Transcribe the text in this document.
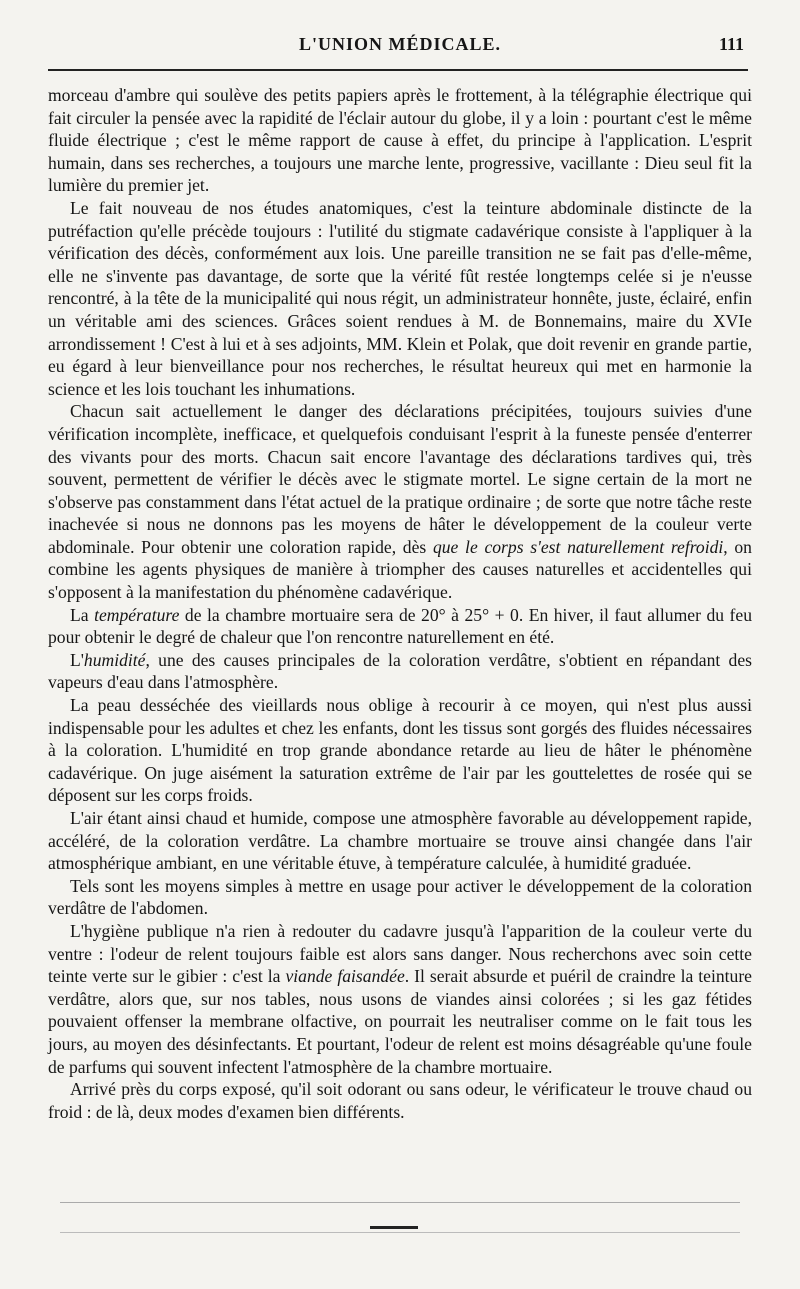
L'UNION MÉDICALE.	111

morceau d'ambre qui soulève des petits papiers après le frottement, à la télégraphie électrique qui fait circuler la pensée avec la rapidité de l'éclair autour du globe, il y a loin : pourtant c'est le même fluide électrique ; c'est le même rapport de cause à effet, du principe à l'application. L'esprit humain, dans ses recherches, a toujours une marche lente, progressive, vacillante : Dieu seul fit la lumière du premier jet.

Le fait nouveau de nos études anatomiques, c'est la teinture abdominale distincte de la putréfaction qu'elle précède toujours : l'utilité du stigmate cadavérique consiste à l'appliquer à la vérification des décès, conformément aux lois. Une pareille transition ne se fait pas d'elle-même, elle ne s'invente pas davantage, de sorte que la vérité fût restée longtemps celée si je n'eusse rencontré, à la tête de la municipalité qui nous régit, un administrateur honnête, juste, éclairé, enfin un véritable ami des sciences. Grâces soient rendues à M. de Bonnemains, maire du XVIe arrondissement ! C'est à lui et à ses adjoints, MM. Klein et Polak, que doit revenir en grande partie, eu égard à leur bienveillance pour nos recherches, le résultat heureux qui met en harmonie la science et les lois touchant les inhumations.

Chacun sait actuellement le danger des déclarations précipitées, toujours suivies d'une vérification incomplète, inefficace, et quelquefois conduisant l'esprit à la funeste pensée d'enterrer des vivants pour des morts. Chacun sait encore l'avantage des déclarations tardives qui, très souvent, permettent de vérifier le décès avec le stigmate mortel. Le signe certain de la mort ne s'observe pas constamment dans l'état actuel de la pratique ordinaire ; de sorte que notre tâche reste inachevée si nous ne donnons pas les moyens de hâter le développement de la couleur verte abdominale. Pour obtenir une coloration rapide, dès que le corps s'est naturellement refroidi, on combine les agents physiques de manière à triompher des causes naturelles et accidentelles qui s'opposent à la manifestation du phénomène cadavérique.

La température de la chambre mortuaire sera de 20° à 25° + 0. En hiver, il faut allumer du feu pour obtenir le degré de chaleur que l'on rencontre naturellement en été.

L'humidité, une des causes principales de la coloration verdâtre, s'obtient en répandant des vapeurs d'eau dans l'atmosphère.

La peau desséchée des vieillards nous oblige à recourir à ce moyen, qui n'est plus aussi indispensable pour les adultes et chez les enfants, dont les tissus sont gorgés des fluides nécessaires à la coloration. L'humidité en trop grande abondance retarde au lieu de hâter le phénomène cadavérique. On juge aisément la saturation extrême de l'air par les gouttelettes de rosée qui se déposent sur les corps froids.

L'air étant ainsi chaud et humide, compose une atmosphère favorable au développement rapide, accéléré, de la coloration verdâtre. La chambre mortuaire se trouve ainsi changée dans l'air atmosphérique ambiant, en une véritable étuve, à température calculée, à humidité graduée.

Tels sont les moyens simples à mettre en usage pour activer le développement de la coloration verdâtre de l'abdomen.

L'hygiène publique n'a rien à redouter du cadavre jusqu'à l'apparition de la couleur verte du ventre : l'odeur de relent toujours faible est alors sans danger. Nous recherchons avec soin cette teinte verte sur le gibier : c'est la viande faisandée. Il serait absurde et puéril de craindre la teinture verdâtre, alors que, sur nos tables, nous usons de viandes ainsi colorées ; si les gaz fétides pouvaient offenser la membrane olfactive, on pourrait les neutraliser comme on le fait tous les jours, au moyen des désinfectants. Et pourtant, l'odeur de relent est moins désagréable qu'une foule de parfums qui souvent infectent l'atmosphère de la chambre mortuaire.

Arrivé près du corps exposé, qu'il soit odorant ou sans odeur, le vérificateur le trouve chaud ou froid : de là, deux modes d'examen bien différents.
